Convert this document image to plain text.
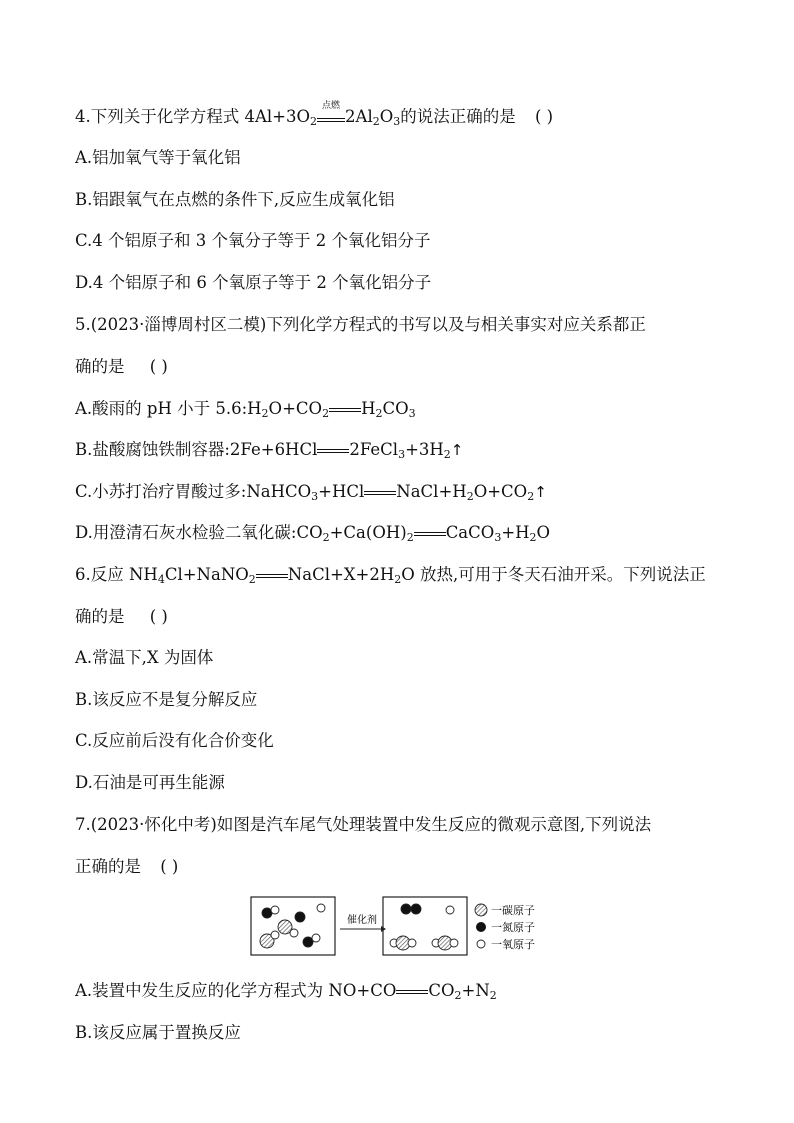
4.下列关于化学方程式 $4Al+3O_2$
点燃
$2Al_2O_3$的说法正确的是 ( )
A.铝加氧气等于氧化铝
B.铝跟氧气在点燃的条件下,反应生成氧化铝
C.4 个铝原子和 3 个氧分子等于 2 个氧化铝分子
D.4 个铝原子和 6 个氧原子等于 2 个氧化铝分子
5.(2023·淄博周村区二模)下列化学方程式的书写以及与相关事实对应关系都正
确的是 ( )
A.酸雨的 pH 小于 $5.6:H_2O+CO_2$ $H_2CO_3$
B.盐酸腐蚀铁制容器:2Fe+6HCl $2FeCl_3+3H_2↑$
C.小苏打治疗胃酸过多:NaHCO$_3$+HCl $NaCl+H_2O+CO_2↑$
D.用澄清石灰水检验二氧化碳$:CO_2+Ca(OH)_2$ $CaCO_3+H_2O$
6.反应 $NH_4Cl+NaNO_2$ $NaCl+X+2H_2O$ 放热,可用于冬天石油开采。下列说法正
确的是 ( )
A.常温下,X 为固体
B.该反应不是复分解反应
C.反应前后没有化合价变化
D.石油是可再生能源
7.(2023·怀化中考)如图是汽车尾气处理装置中发生反应的微观示意图,下列说法
正确的是 ( )
催化剂
一碳原子
一氮原子
一氧原子
A.装置中发生反应的化学方程式为 NO+CO $CO_2+N_2$
B.该反应属于置换反应
